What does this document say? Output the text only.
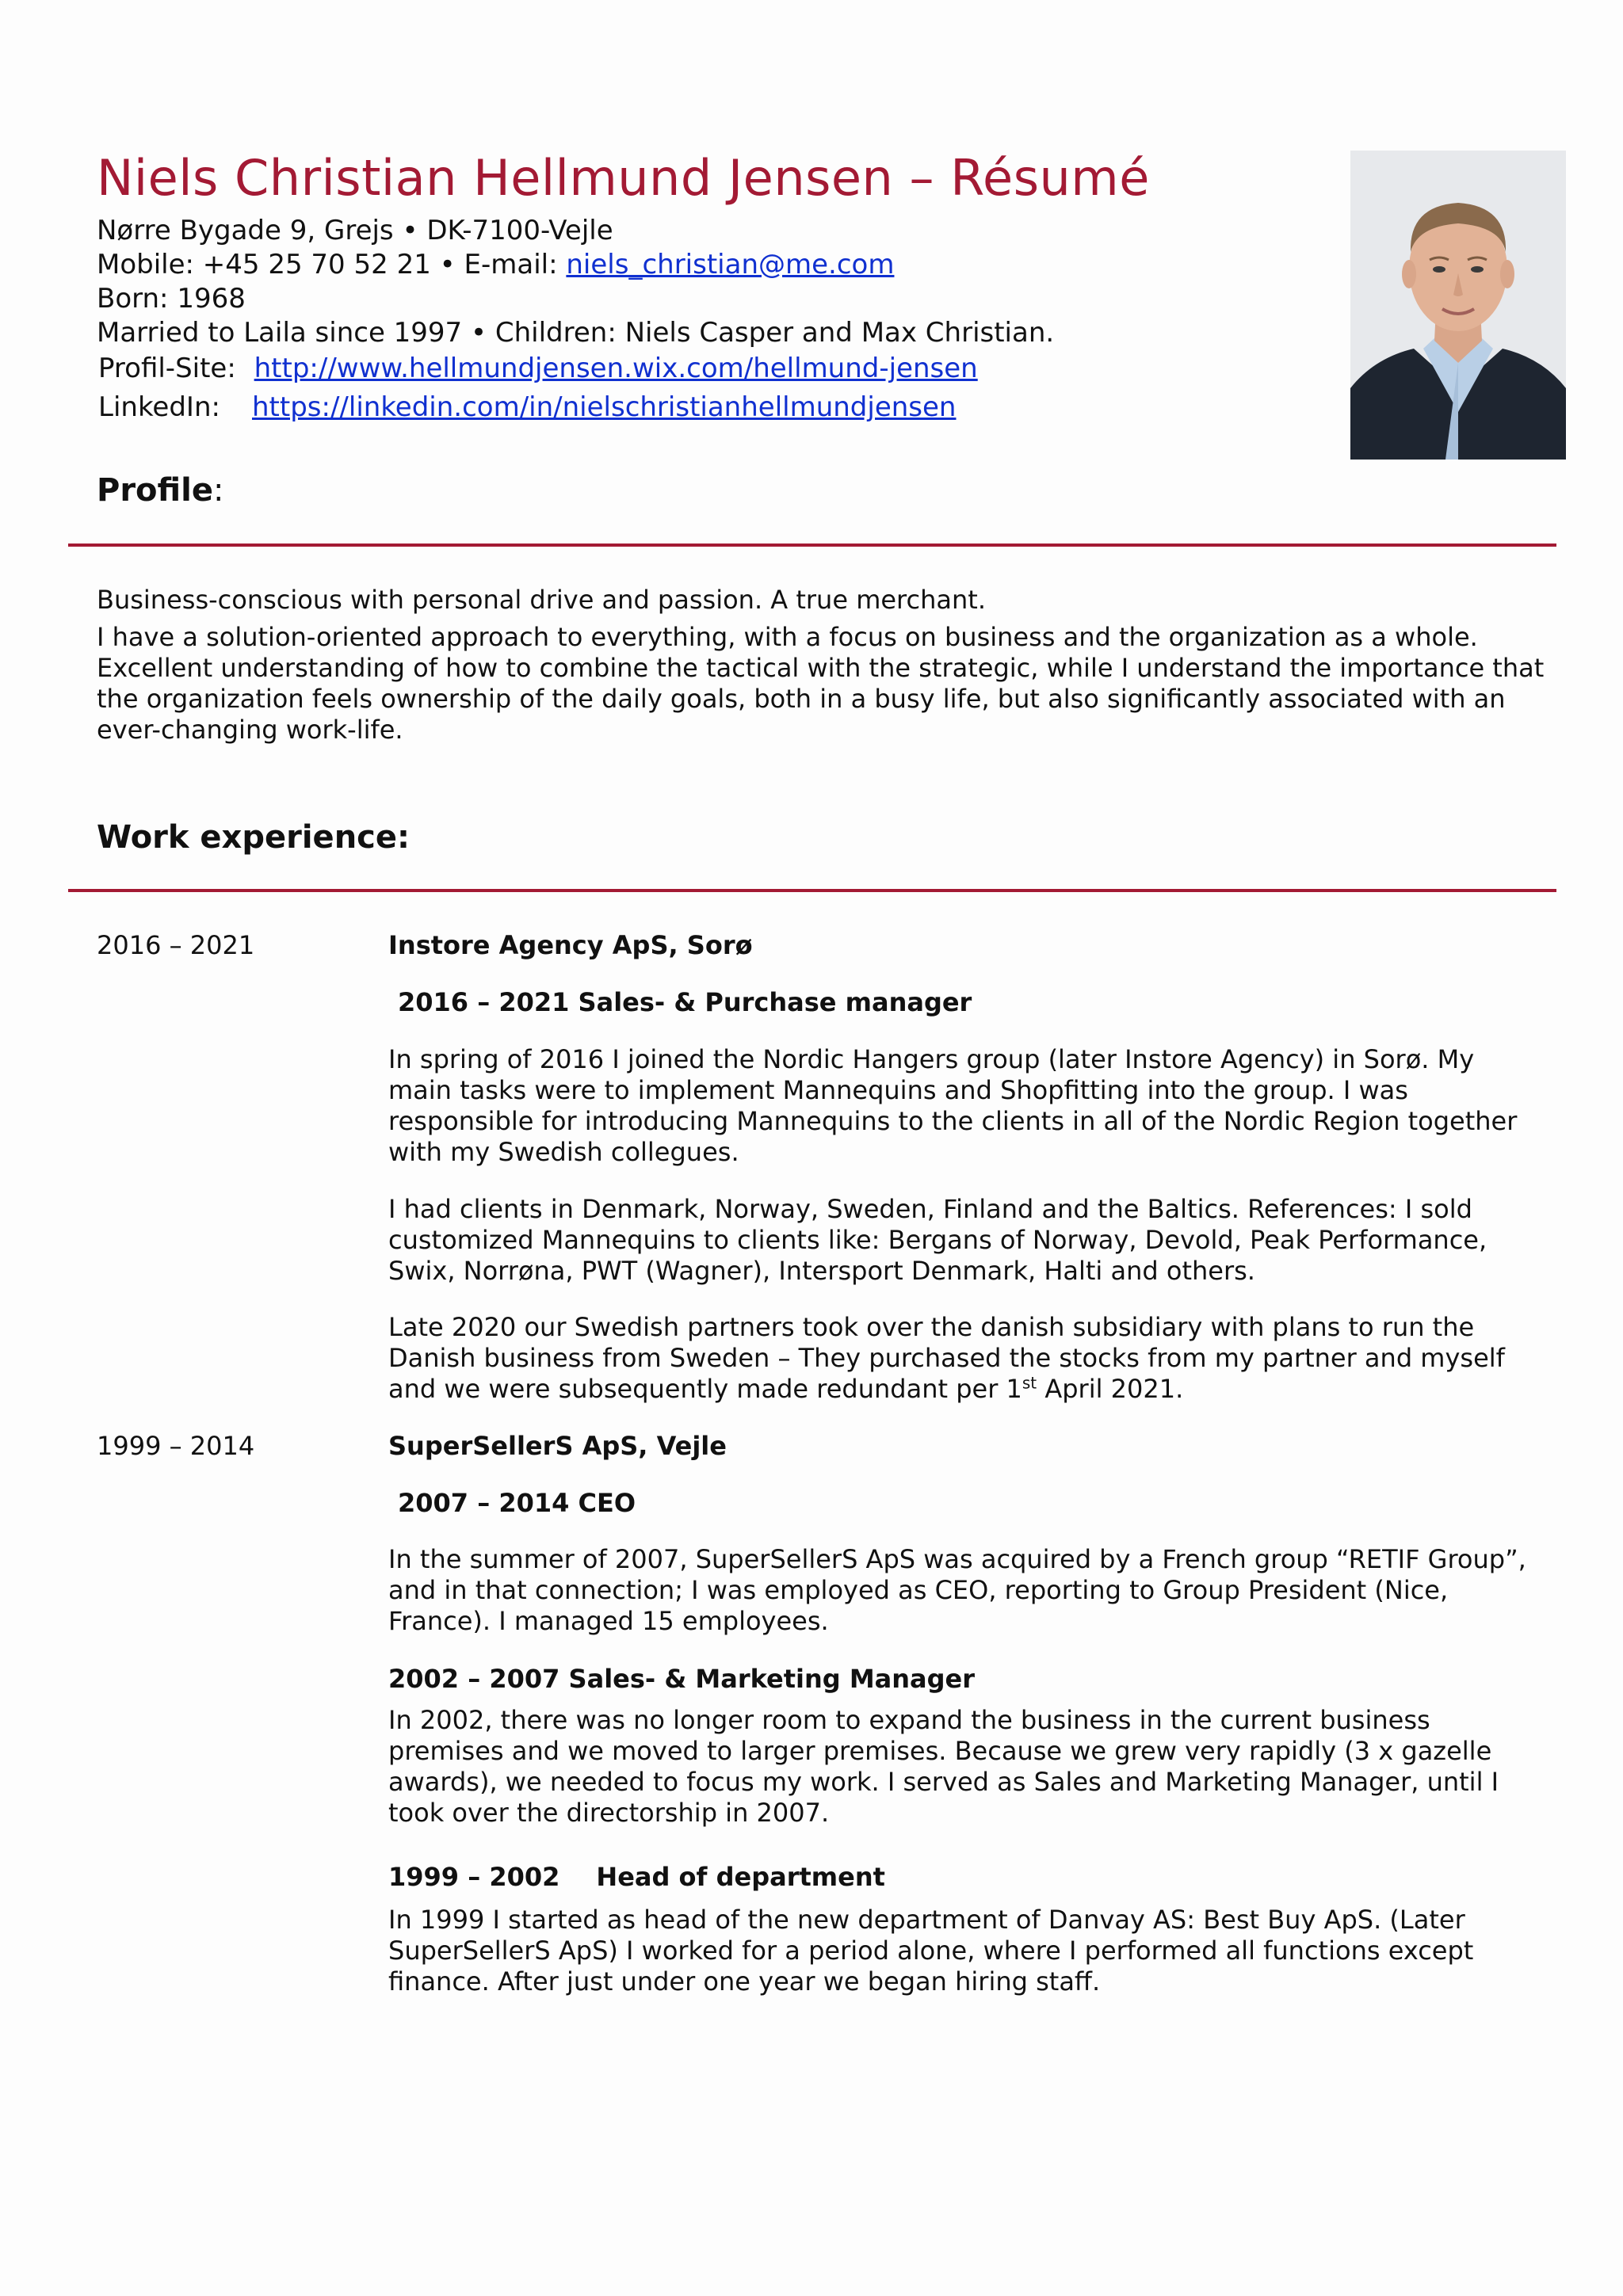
Niels Christian Hellmund Jensen – Résumé
Nørre Bygade 9, Grejs • DK-7100-Vejle
Mobile: +45 25 70 52 21 • E-mail: niels_christian@me.com
Born: 1968
Married to Laila since 1997 • Children: Niels Casper and Max Christian.
Profil-Site: http://www.hellmundjensen.wix.com/hellmund-jensen
LinkedIn: https://linkedin.com/in/nielschristianhellmundjensen
Profile:

Business-conscious with personal drive and passion. A true merchant.

I have a solution-oriented approach to everything, with a focus on business and the organization as a whole. Excellent understanding of how to combine the tactical with the strategic, while I understand the importance that the organization feels ownership of the daily goals, both in a busy life, but also significantly associated with an ever-changing work-life.

Work experience:
2016 – 2021	Instore Agency ApS, Sorø
2016 – 2021 Sales- & Purchase manager

In spring of 2016 I joined the Nordic Hangers group (later Instore Agency) in Sorø. My main tasks were to implement Mannequins and Shopfitting into the group. I was responsible for introducing Mannequins to the clients in all of the Nordic Region together with my Swedish collegues.

I had clients in Denmark, Norway, Sweden, Finland and the Baltics. References: I sold customized Mannequins to clients like: Bergans of Norway, Devold, Peak Performance, Swix, Norrøna, PWT (Wagner), Intersport Denmark, Halti and others.

Late 2020 our Swedish partners took over the danish subsidiary with plans to run the Danish business from Sweden – They purchased the stocks from my partner and myself and we were subsequently made redundant per 1st April 2021.

1999 – 2014	SuperSellerS ApS, Vejle
2007 – 2014 CEO

In the summer of 2007, SuperSellerS ApS was acquired by a French group “RETIF Group”, and in that connection; I was employed as CEO, reporting to Group President (Nice, France). I managed 15 employees.

2002 – 2007 Sales- & Marketing Manager

In 2002, there was no longer room to expand the business in the current business premises and we moved to larger premises. Because we grew very rapidly (3 x gazelle awards), we needed to focus my work. I served as Sales and Marketing Manager, until I took over the directorship in 2007.

1999 – 2002 Head of department

In 1999 I started as head of the new department of Danvay AS: Best Buy ApS. (Later SuperSellerS ApS) I worked for a period alone, where I performed all functions except finance. After just under one year we began hiring staff.
